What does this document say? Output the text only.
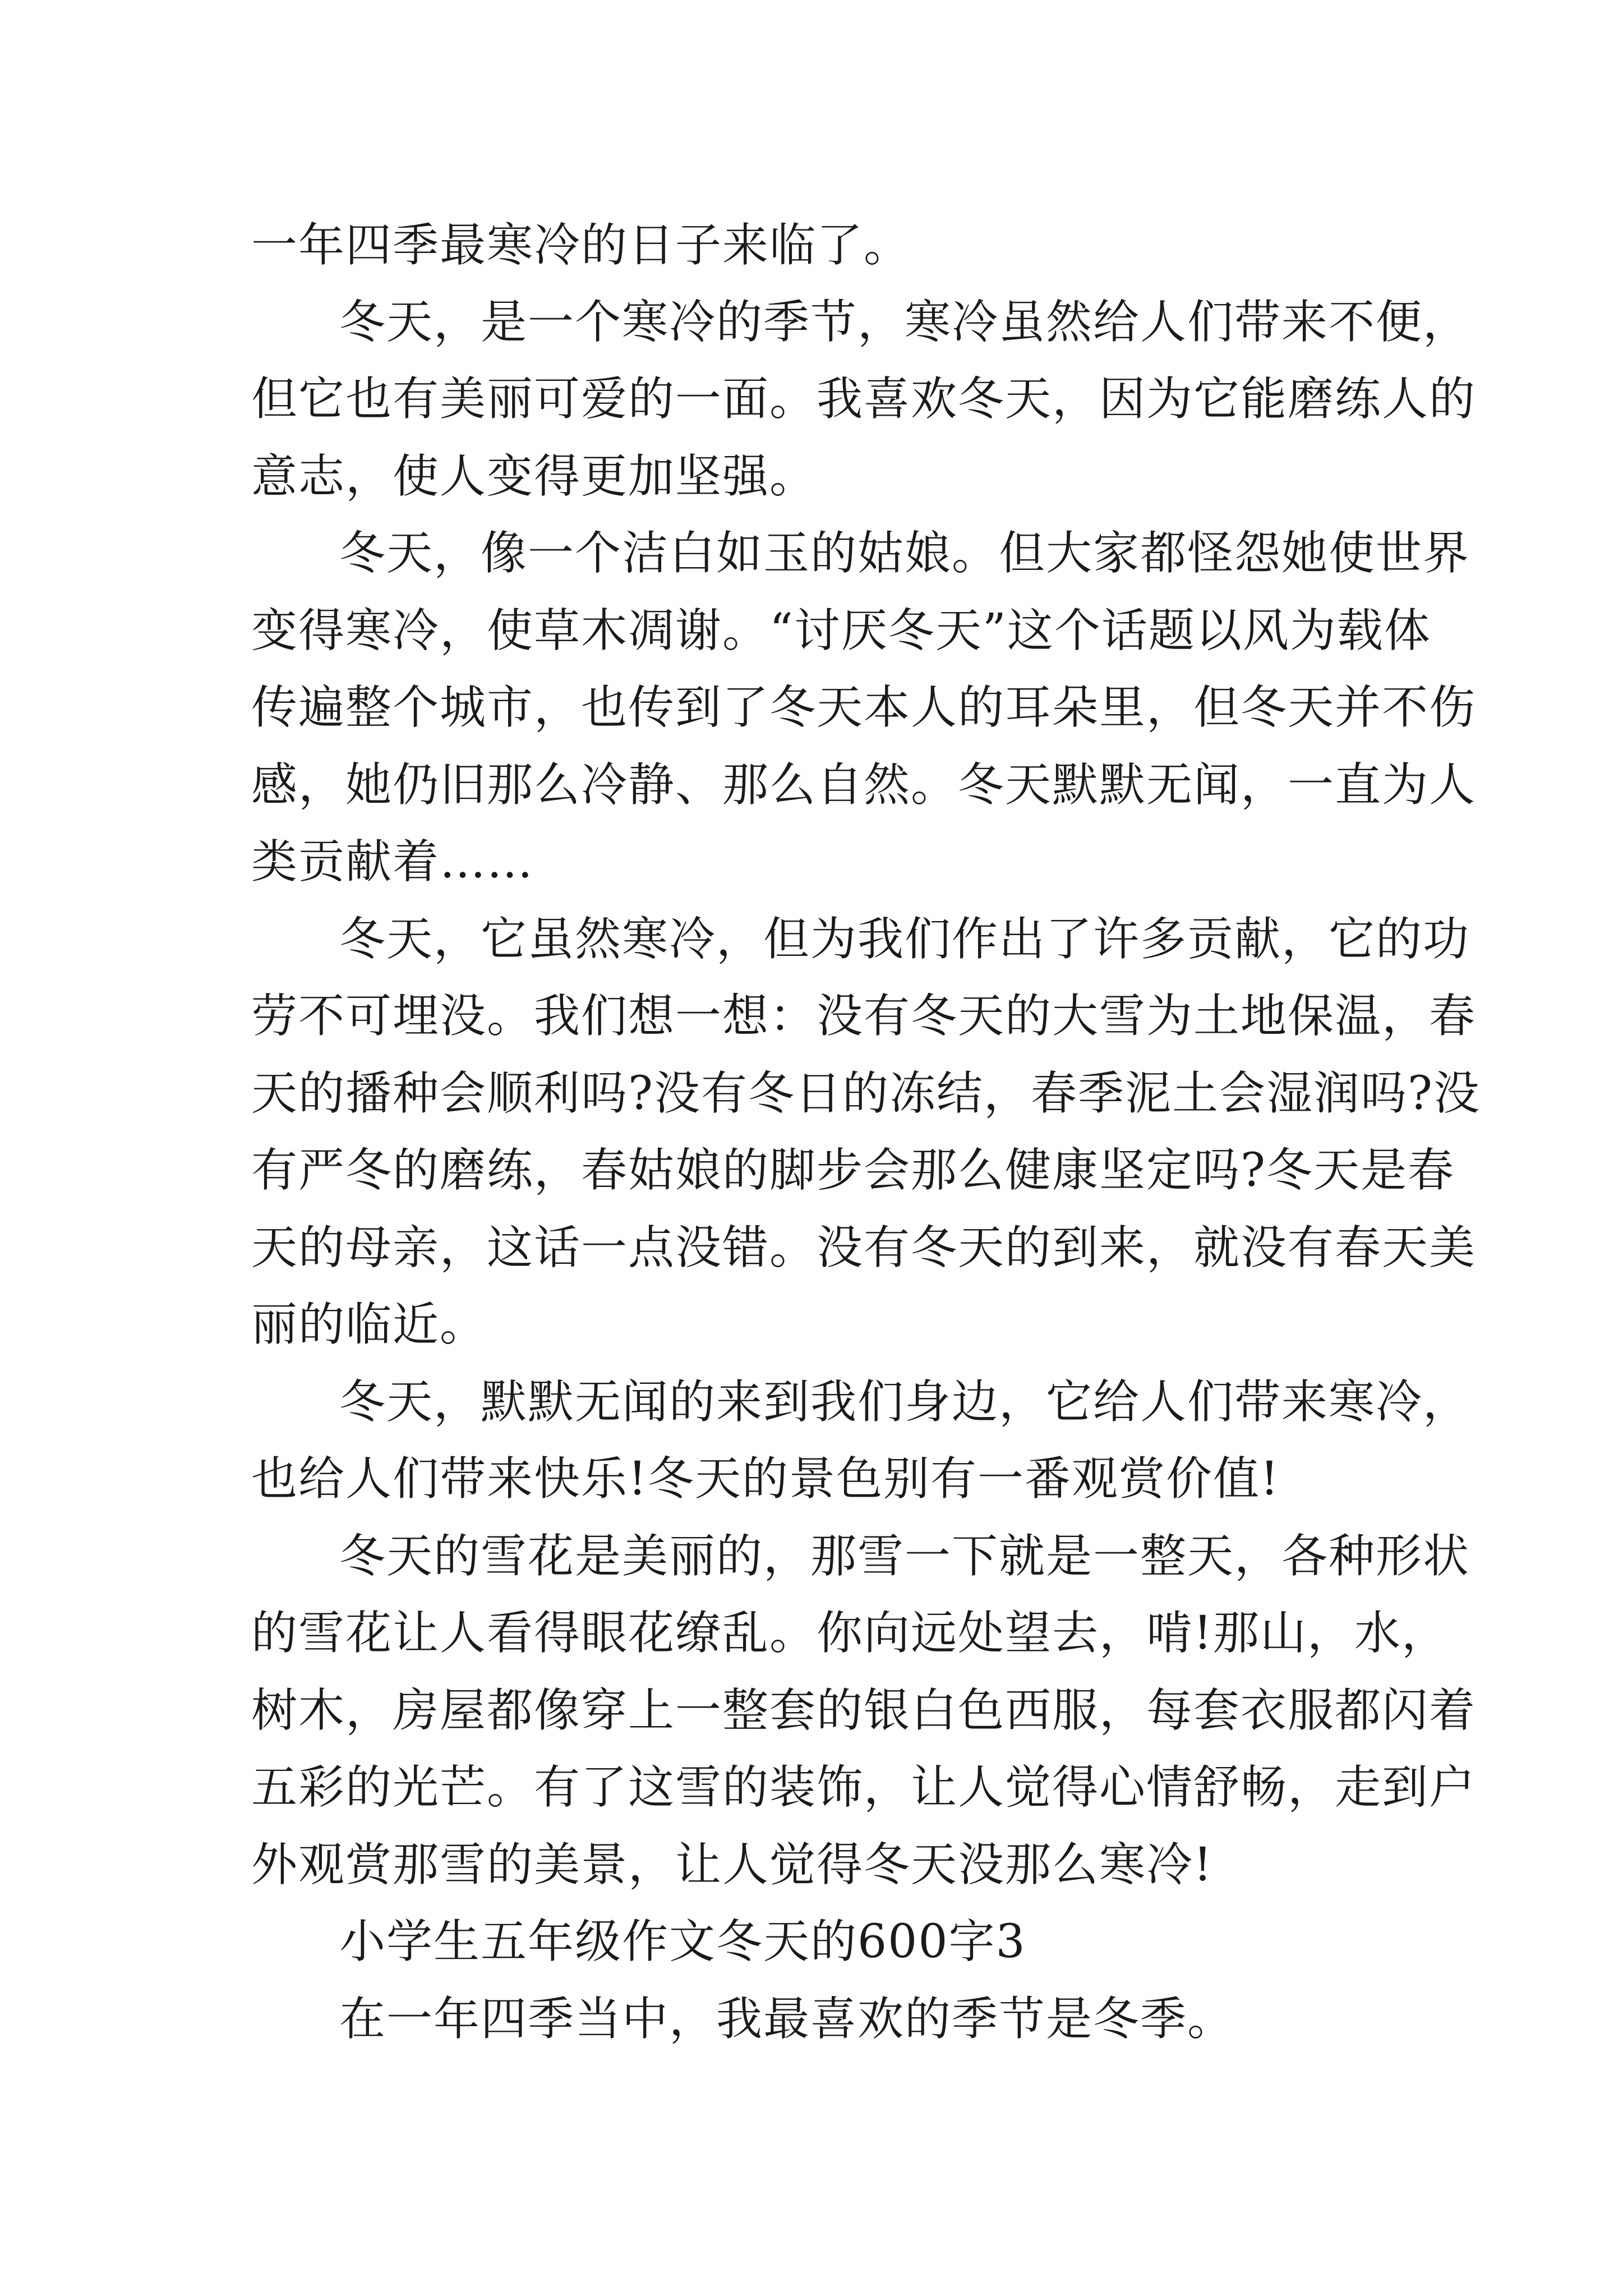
一年四季最寒冷的日子来临了。
冬天，是一个寒冷的季节，寒冷虽然给人们带来不便，
但它也有美丽可爱的一面。我喜欢冬天，因为它能磨练人的
意志，使人变得更加坚强。
冬天，像一个洁白如玉的姑娘。但大家都怪怨她使世界
变得寒冷，使草木凋谢。“讨厌冬天”这个话题以风为载体
传遍整个城市，也传到了冬天本人的耳朵里，但冬天并不伤
感，她仍旧那么冷静、那么自然。冬天默默无闻，一直为人
类贡献着……
冬天，它虽然寒冷，但为我们作出了许多贡献，它的功
劳不可埋没。我们想一想：没有冬天的大雪为土地保温，春
天的播种会顺利吗?没有冬日的冻结，春季泥土会湿润吗?没
有严冬的磨练，春姑娘的脚步会那么健康坚定吗?冬天是春
天的母亲，这话一点没错。没有冬天的到来，就没有春天美
丽的临近。
冬天，默默无闻的来到我们身边，它给人们带来寒冷，
也给人们带来快乐!冬天的景色别有一番观赏价值!
冬天的雪花是美丽的，那雪一下就是一整天，各种形状
的雪花让人看得眼花缭乱。你向远处望去，啃!那山，水，
树木，房屋都像穿上一整套的银白色西服，每套衣服都闪着
五彩的光芒。有了这雪的装饰，让人觉得心情舒畅，走到户
外观赏那雪的美景，让人觉得冬天没那么寒冷!
小学生五年级作文冬天的600字3
在一年四季当中，我最喜欢的季节是冬季。
